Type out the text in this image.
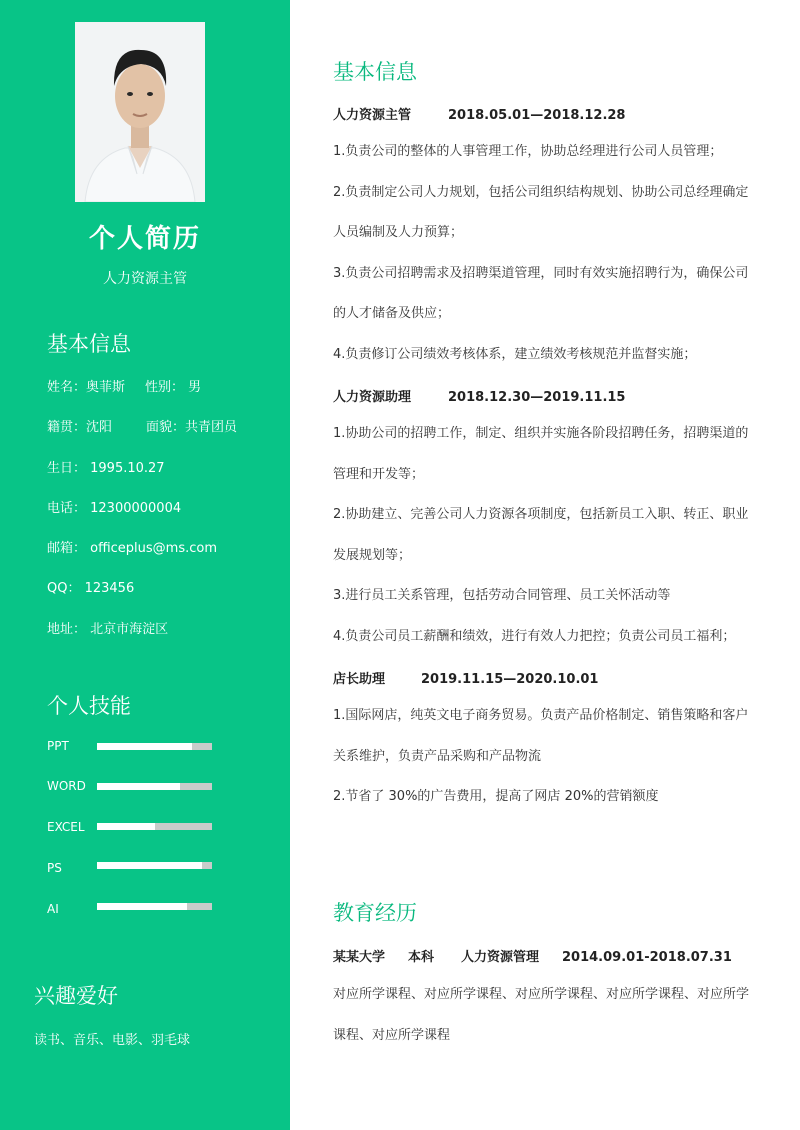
个人简历
人力资源主管
基本信息
姓名：奥菲斯 性别： 男
籍贯：沈阳	面貌：共青团员
生日： 1995.10.27
电话： 12300000004
邮箱： officeplus@ms.com
QQ： 123456
地址： 北京市海淀区
个人技能
PPT
WORD
EXCEL
PS
AI
兴趣爱好
读书、音乐、电影、羽毛球
基本信息
人力资源主管	2018.05.01—2018.12.28
1.负责公司的整体的人事管理工作，协助总经理进行公司人员管理；
2.负责制定公司人力规划，包括公司组织结构规划、协助公司总经理确定人员编制及人力预算；
3.负责公司招聘需求及招聘渠道管理，同时有效实施招聘行为，确保公司的人才储备及供应；
4.负责修订公司绩效考核体系，建立绩效考核规范并监督实施；
人力资源助理	2018.12.30—2019.11.15
1.协助公司的招聘工作，制定、组织并实施各阶段招聘任务，招聘渠道的管理和开发等；
2.协助建立、完善公司人力资源各项制度，包括新员工入职、转正、职业发展规划等；
3.进行员工关系管理，包括劳动合同管理、员工关怀活动等
4.负责公司员工薪酬和绩效，进行有效人力把控；负责公司员工福利；
店长助理	2019.11.15—2020.10.01
1.国际网店，纯英文电子商务贸易。负责产品价格制定、销售策略和客户关系维护，负责产品采购和产品物流
2.节省了 30%的广告费用，提高了网店 20%的营销额度
教育经历
某某大学 本科 人力资源管理 2014.09.01-2018.07.31
对应所学课程、对应所学课程、对应所学课程、对应所学课程、对应所学课程、对应所学课程
